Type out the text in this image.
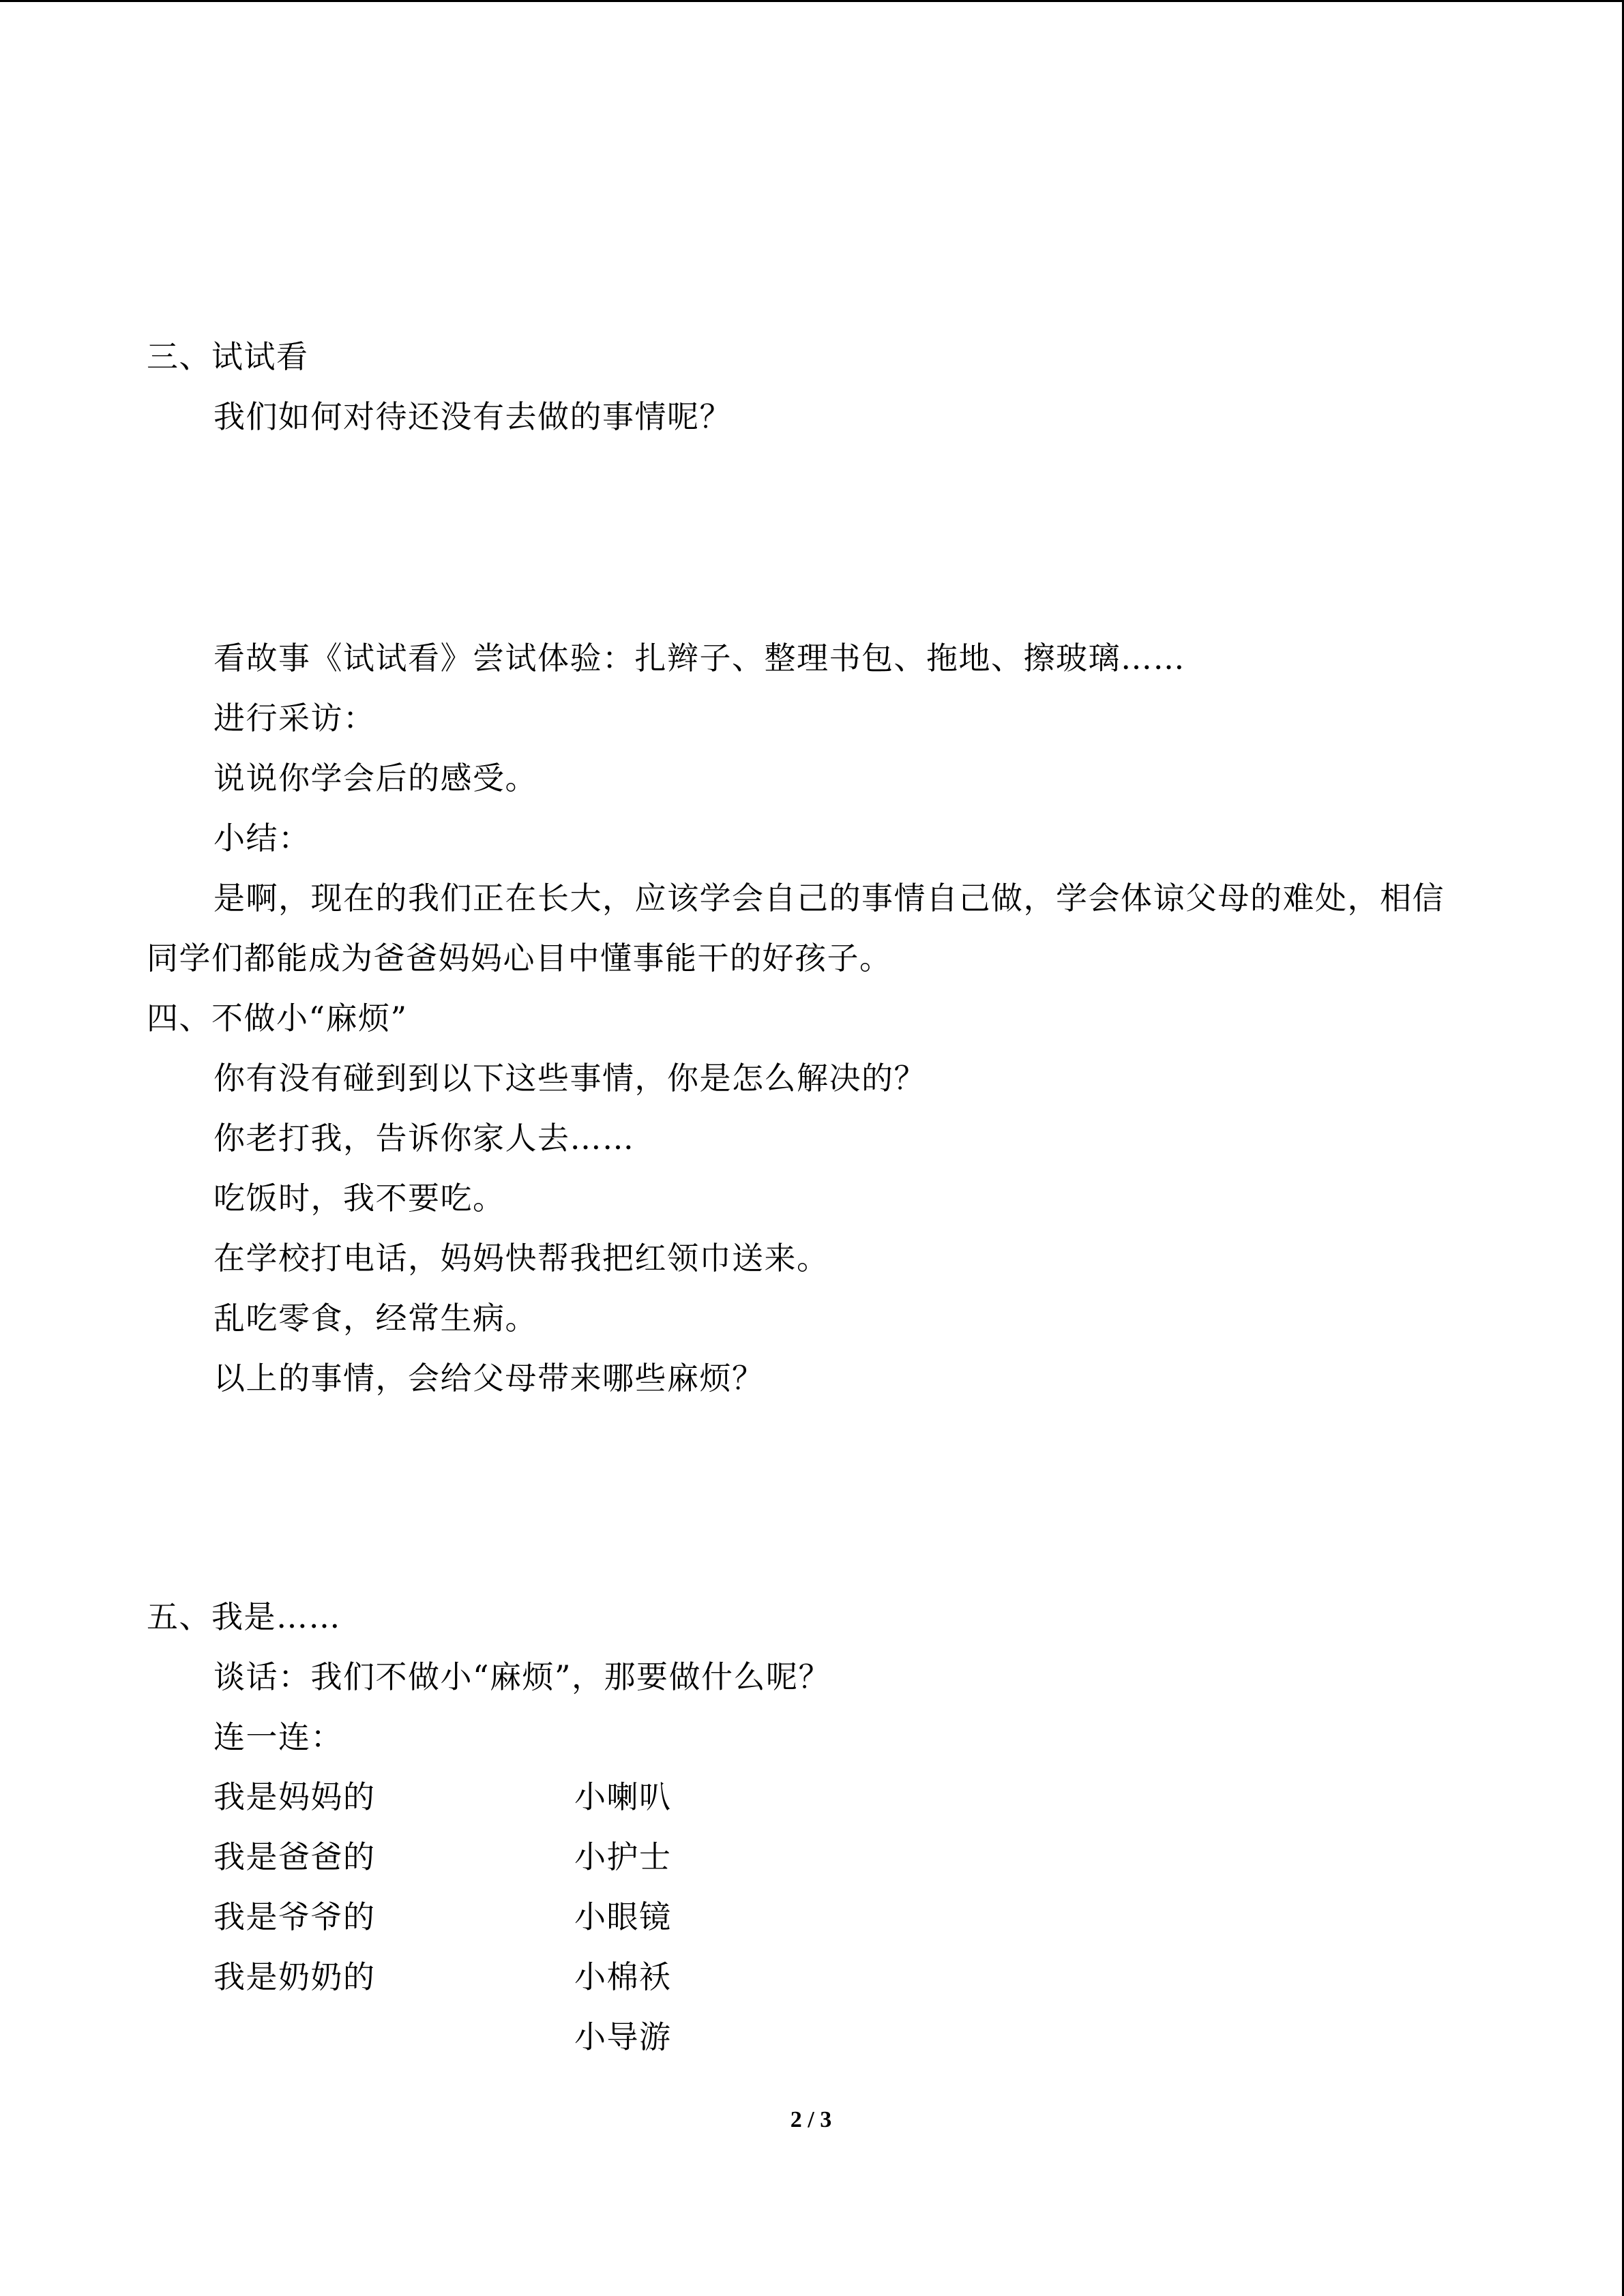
三、试试看
我们如何对待还没有去做的事情呢？
看故事《试试看》尝试体验：扎辫子、整理书包、拖地、擦玻璃……
进行采访：
说说你学会后的感受。
小结：
是啊，现在的我们正在长大，应该学会自己的事情自己做，学会体谅父母的难处，相信
同学们都能成为爸爸妈妈心目中懂事能干的好孩子。
四、不做小“麻烦”
你有没有碰到到以下这些事情，你是怎么解决的？
你老打我，告诉你家人去……
吃饭时，我不要吃。
在学校打电话，妈妈快帮我把红领巾送来。
乱吃零食，经常生病。
以上的事情，会给父母带来哪些麻烦？
五、我是……
谈话：我们不做小“麻烦”，那要做什么呢？
连一连：
我是妈妈的	小喇叭
我是爸爸的	小护士
我是爷爷的	小眼镜
我是奶奶的	小棉袄
小导游
2 / 3
